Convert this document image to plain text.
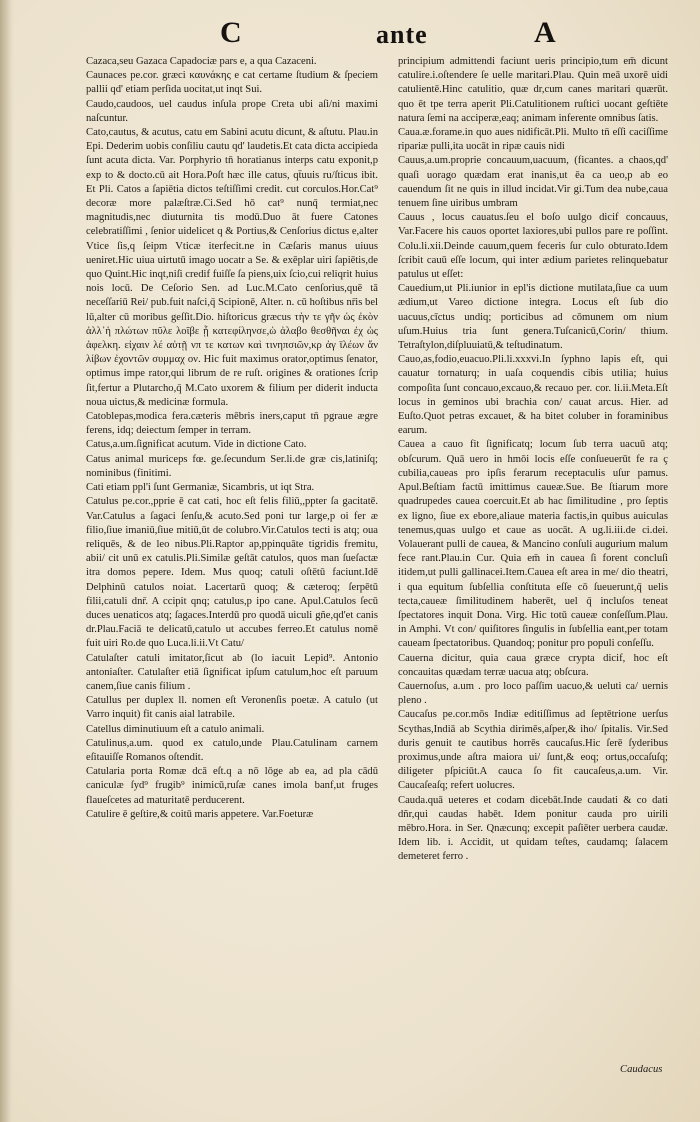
C	ante	A

Cazaca,seu Gazaca Capadociæ pars e, a qua Cazaceni.

Caunaces pe.cor. græci καυνάκης e cat certame ſtudium & ſpeciem pallii qd' etiam perſida uocitat,ut inqt Sui.

Caudo,caudoos, uel caudus inſula prope Creta ubi aſi/ni maximi naſcuntur.

Cato,cautus, & acutus, catu em Sabini acutu dicunt, & aſtutu. Plau.in Epi. Dederim uobis conſiliu cautu qd' laudetis.Et cata dicta accipieda ſunt acuta dicta. Var. Porphyrio tn̄ horatianus interps catu exponit,p exp to & docto.cū ait Hora.Poſt hæc ille catus, qt̄uuis ru/ſticus ibit. Et Pli. Catos a ſapiētia dictos teſtiſſimi credit. cut corculos.Hor.Cat⁹ decoræ more palæſtræ.Ci.Sed hō cat⁹ nunq̄ termiat,nec magnitudis,nec diuturnita tis modū.Duo āt fuere Catones celebratiſſimi , ſenior uidelicet q & Portius,& Cenſorius dictus e,alter Vtice ſis,q ſeipm Vticæ iterfecit.ne in Cæſaris manus uiuus ueniret.Hic uiua uirtutū imago uocatr a Se. & exēplar uiri ſapiētis,de quo Quint.Hic inqt,niſi credif fuiſſe ſa piens,uix ſcio,cui reliqrit huius nois locū. De Ceſorio Sen. ad Luc.M.Cato cenſorius,quē tā neceſſariū Rei/ pub.fuit naſci,q̄ Scipionē, Alter. n. cū hoſtibus nr̄is bel lū,alter cū moribus geſſit.Dio. hiſtoricus græcus τὴν τε γῆν ὡς ἐκὸν ἀλλ᾽ἡ πλώτων πῦλε λοῖβε ᾖ κατεφίληνσε,ὡ ἀλαβο θεσθῆναι ἐχ ὡς ἀφελκη. εἰχαιν λέ αὐτῇ νπ τε κατων καὶ τινηπσιῶν,κρ ἀγ ῑλέων ἄν λίβων ἐχοντῶν συμμαχ ον. Hic fuit maximus orator,optimus ſenator, optimus impe rator,qui librum de re ruſt. origines & orationes ſcrip ſit,fertur a Plutarcho,q̄ M.Cato uxorem & filium per diderit inducta noua uictus,& medicinæ formula.

Catoblepas,modica fera.cæteris mēbris iners,caput tn̄ pgraue ægre ferens, idq; deiectum ſemper in terram.

Catus,a.um.ſignificat acutum. Vide in dictione Cato.

Catus animal muriceps fœ. ge.ſecundum Ser.li.de græ cis,latiniſq; nominibus (finitimi.

Cati etiam ppl'i ſunt Germaniæ, Sicambris, ut iqt Stra.

Catulus pe.cor.,pprie ē cat cati, hoc eſt felis filiū,,ppter ſa gacitatē. Var.Catulus a ſagaci ſenſu,& acuto.Sed poni tur large,p oi fer æ filio,ſiue imaniū,ſiue mitiū,ūt de colubro.Vir.Catulos tecti is atq; oua reliquēs, & de leo nibus.Pli.Raptor ap,ppinquāte tigridis fremitu, abii/ cit unū ex catulis.Pli.Similæ geſtāt catulos, quos man ſueſactæ itra domos pepere. Idem. Mus quoq; catuli oſtētū faciunt.Idē Delphinū catulos noiat. Lacertarū quoq; & cæteroq; ſerpētū filii,catuli dnr̄. A ccipit qnq; catulus,p ipo cane. Apul.Catulos ſecū duces uenaticos atq; ſagaces.Interdū pro quodā uiculi gñe,qd'et canis dr.Plau.Faciā te delicatū,catulo ut accubes ferreo.Et catulus nomē fuit uiri Ro.de quo Luca.li.ii.Vt Catu/

Catulaſter catuli imitator,ſicut ab (lo iacuit Lepid⁹. Antonio antoniaſter. Catulaſter etiā ſignificat ipſum catulum,hoc eſt paruum canem,ſiue canis filium .

Catullus per duplex ll. nomen eſt Veronenſis poetæ. A catulo (ut Varro inquit) fit canis aial latrabile.

Catellus diminutiuum eſt a catulo animali.

Catulinus,a.um. quod ex catulo,unde Plau.Catulinam carnem eſitauiſſe Romanos oſtendit.

Catularia porta Romæ dcā eſt.q a nō lōge ab ea, ad pla cādū caniculæ ſyd⁹ frugib⁹ inimicū,ruſæ canes imola banf,ut fruges flaueſcetes ad maturitatē perducerent.

Catulire ē geſtire,& coitū maris appetere. Var.Foeturæ

principium admittendi faciunt ueris principio,tum em̄ dicunt catulire.i.oſtendere ſe uelle maritari.Plau. Quin meā uxorē uidi catulientē.Hinc catulitio, quæ dr,cum canes maritari quærūt. quo ēt tpe terra aperit Pli.Catulitionem ruſtici uocant geſtiēte natura ſemi na acciperæ,eaq; animam inferente omnibus ſatis.

Caua.æ.forame.in quo aues nidificāt.Pli. Multo tn̄ eſſi caciſſime ripariæ pulli,ita uocāt in ripæ cauis nidi

Cauus,a.um.proprie concauum,uacuum, (ficantes. a chaos,qd' quaſi uorago quædam erat inanis,ut ēa ca ueo,p ab eo cauendum ſit ne quis in illud incidat.Vir gi.Tum dea nube,caua tenuem ſine uiribus umbram

Cauus , locus cauatus.ſeu el boſo uulgo dicif concauus, Var.Facere his cauos oportet laxiores,ubi pullos pare re poſſint. Colu.li.xii.Deinde cauum,quem feceris ſur culo obturato.Idem ſcribit cauū eſſe locum, qui inter ædium parietes relinquebatur patulus ut eſſet:

Cauedium,ut Pli.iunior in epl'is dictione mutilata,ſiue ca uum ædium,ut Vareo dictione integra. Locus eſt ſub dio uacuus,cīctus undiq; porticibus ad cōmunem om nium uſum.Huius tria ſunt genera.Tuſcanicū,Corin/ thium. Tetraſtylon,diſpluuiatū,& teſtudinatum.

Cauo,as,fodio,euacuo.Pli.li.xxxvi.In ſyphno lapis eſt, qui cauatur tornaturq; in uaſa coquendis cibis utilia; huius compoſita ſunt concauo,excauo,& recauo per. cor. li.ii.Meta.Eſt locus in geminos ubi brachia con/ cauat arcus. Hier. ad Euſto.Quot petras excauet, & ha bitet coluber in foraminibus earum.

Cauea a cauo fit ſignificatq; locum ſub terra uacuū atq; obſcurum. Quā uero in hmōi locis eſſe conſueuerūt fe ra ç cubilia,caueas pro ipſis ferarum receptaculis uſur pamus. Apul.Beſtiam factū imittimus caueæ.Sue. Be ſtiarum more quadrupedes cauea coercuit.Et ab hac ſimilitudine , pro ſeptis ex ligno, ſiue ex ebore,aliaue materia factis,in quibus auiculas tenemus,quas uulgo et caue as uocāt. A ug.li.iii.de ci.dei. Volauerant pulli de cauea, & Mancino conſuli augurium malum fece rant.Plau.in Cur. Quia em̄ in cauea ſi forent concluſi itidem,ut pulli gallinacei.Item.Cauea eſt area in me/ dio theatri, i qua equitum ſubſellia conſtituta eſſe cō ſueuerunt,q̄ uelis tecta,caueæ ſimilitudinem haberēt, uel q̄ incluſos teneat ſpectatores inquit Dona. Virg. Hic totū caueæ conſeſſum.Plau. in Amphi. Vt con/ quiſitores ſingulis in ſubſellia eant,per totam caueam ſpectatoribus. Quandoq; ponitur pro populi conſeſſu.

Cauerna dicitur, quia caua græce crypta dicif, hoc eſt concauitas quædam terræ uacua atq; obſcura.

Cauernoſus, a.um . pro loco paſſim uacuo,& ueluti ca/ uernis pleno .

Caucaſus pe.cor.mōs Indiæ editiſſimus ad ſeptētrione uerſus Scythas,Indiā ab Scythia dirimēs,aſper,& iho/ ſpitalis. Vir.Sed duris genuit te cautibus horrēs caucaſus.Hic ſerē ſyderibus proximus,unde aſtra maiora ui/ ſunt,& eoq; ortus,occaſuſq; diligeter pſpiciūt.A cauca ſo fit caucaſeus,a.um. Vir. Caucaſeaſq; refert uolucres.

Cauda.quā ueteres et codam dicebāt.Inde caudati & co dati dñr,qui caudas habēt. Idem ponitur cauda pro uirili mēbro.Hora. in Ser. Qnæcunq; excepit paſiēter uerbera caudæ. Idem lib. i. Accidit, ut quidam teſtes, caudamq; ſalacem demeteret ferro .

Caudacus
